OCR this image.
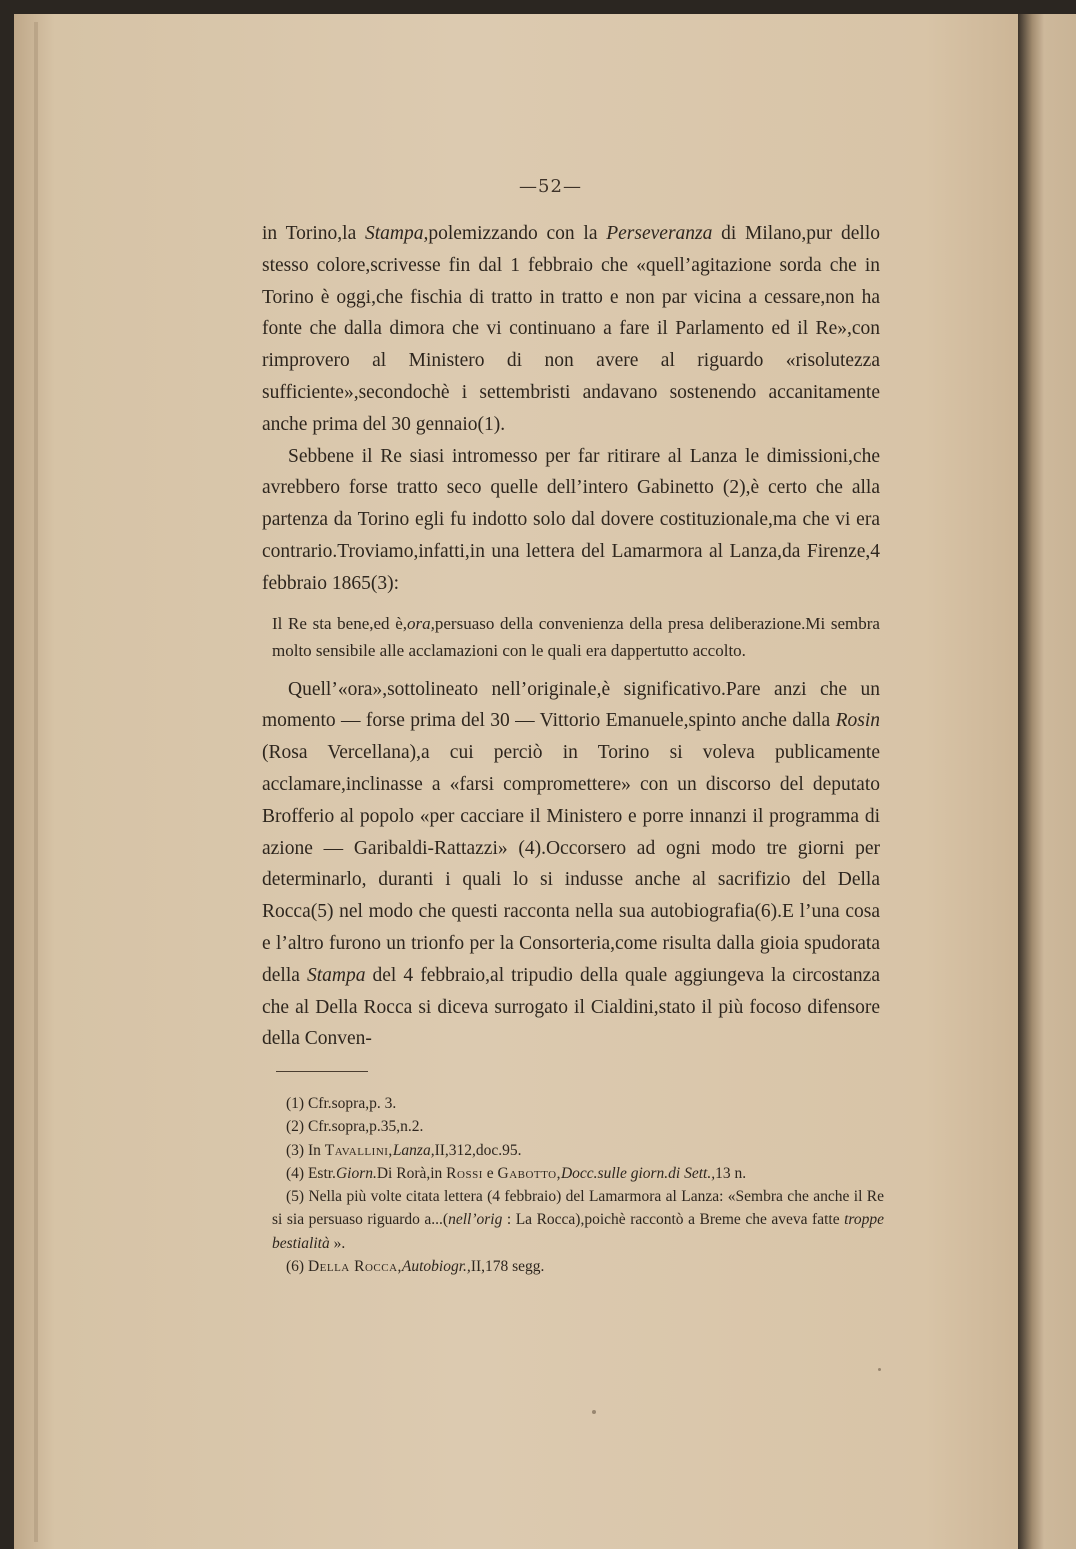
—52—

in Torino,la Stampa,polemizzando con la Perseveranza di Milano,pur dello stesso colore,scrivesse fin dal 1 febbraio che «quell’agitazione sorda che in Torino è oggi,che fischia di tratto in tratto e non par vicina a cessare,non ha fonte che dalla dimora che vi continuano a fare il Parlamento ed il Re»,con rimprovero al Ministero di non avere al riguardo «risolutezza sufficiente»,secondochè i settembristi andavano sostenendo accanitamente anche prima del 30 gennaio(1).

Sebbene il Re siasi intromesso per far ritirare al Lanza le dimissioni,che avrebbero forse tratto seco quelle dell’intero Gabinetto (2),è certo che alla partenza da Torino egli fu indotto solo dal dovere costituzionale,ma che vi era contrario.Troviamo,infatti,in una lettera del Lamarmora al Lanza,da Firenze,4 febbraio 1865(3):

Il Re sta bene,ed è,ora,persuaso della convenienza della presa deliberazione.Mi sembra molto sensibile alle acclamazioni con le quali era dappertutto accolto.

Quell’«ora»,sottolineato nell’originale,è significativo.Pare anzi che un momento — forse prima del 30 — Vittorio Emanuele,spinto anche dalla Rosin (Rosa Vercellana),a cui perciò in Torino si voleva publicamente acclamare,inclinasse a «farsi compromettere» con un discorso del deputato Brofferio al popolo «per cacciare il Ministero e porre innanzi il programma di azione — Garibaldi-Rattazzi» (4).Occorsero ad ogni modo tre giorni per determinarlo, duranti i quali lo si indusse anche al sacrifizio del Della Rocca(5) nel modo che questi racconta nella sua autobiografia(6).E l’una cosa e l’altro furono un trionfo per la Consorteria,come risulta dalla gioia spudorata della Stampa del 4 febbraio,al tripudio della quale aggiungeva la circostanza che al Della Rocca si diceva surrogato il Cialdini,stato il più focoso difensore della Conven-

(1) Cfr.sopra,p. 3.

(2) Cfr.sopra,p.35,n.2.

(3) In Tavallini,Lanza,II,312,doc.95.

(4) Estr.Giorn.Di Rorà,in Rossi e Gabotto,Docc.sulle giorn.di Sett.,13 n.

(5) Nella più volte citata lettera (4 febbraio) del Lamarmora al Lanza: «Sembra che anche il Re si sia persuaso riguardo a...(nell’orig : La Rocca),poichè raccontò a Breme che aveva fatte troppe bestialità ».

(6) Della Rocca,Autobiogr.,II,178 segg.
